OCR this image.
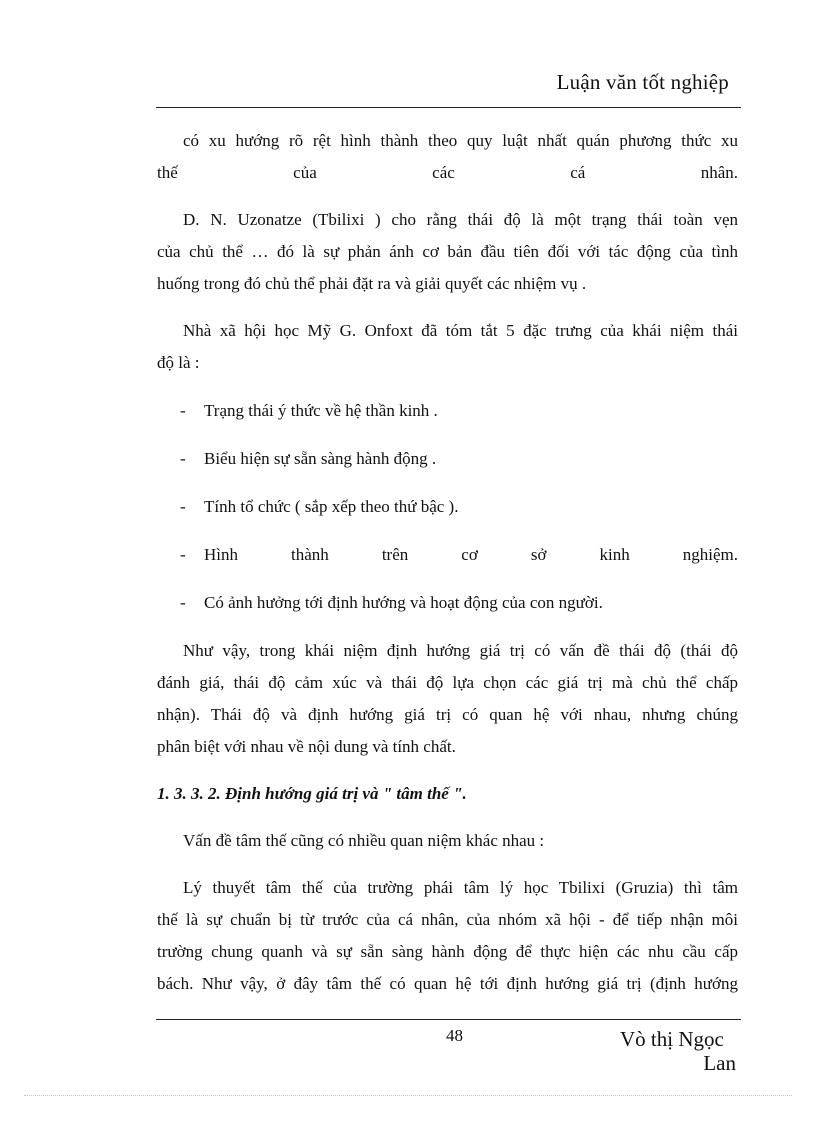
Luận văn tốt nghiệp
có xu hướng rõ rệt hình thành theo quy luật nhất quán phương thức xu
thế của các cá nhân.
D. N. Uzonatze (Tbilixi ) cho rằng thái độ là một trạng thái toàn vẹn
của chủ thể … đó là sự phản ánh cơ bản đầu tiên đối với tác động của tình
huống trong đó chủ thể phải đặt ra và giải quyết các nhiệm vụ .
Nhà xã hội học Mỹ G. Onfoxt đã tóm tắt 5 đặc trưng của khái niệm thái
độ là :
-	Trạng thái ý thức về hệ thần kinh .
-	Biểu hiện sự sẵn sàng hành động .
-	Tính tổ chức ( sắp xếp theo thứ bậc ).
-	Hình thành trên cơ sở kinh nghiệm.
-	Có ảnh hưởng tới định hướng và hoạt động của con người.
Như vậy, trong khái niệm định hướng giá trị có vấn đề thái độ (thái độ
đánh giá, thái độ cảm xúc và thái độ lựa chọn các giá trị mà chủ thể chấp
nhận). Thái độ và định hướng giá trị có quan hệ với nhau, nhưng chúng
phân biệt với nhau về nội dung và tính chất.
1. 3. 3. 2. Định hướng giá trị và " tâm thế ".
Vấn đề tâm thế cũng có nhiều quan niệm khác nhau :
Lý thuyết tâm thế của trường phái tâm lý học Tbilixi (Gruzia) thì tâm
thế là sự chuẩn bị từ trước của cá nhân, của nhóm xã hội - để tiếp nhận môi
trường chung quanh và sự sẵn sàng hành động để thực hiện các nhu cầu cấp
bách. Như vậy, ở đây tâm thế có quan hệ tới định hướng giá trị (định hướng
48	Vò thị Ngọc
Lan
